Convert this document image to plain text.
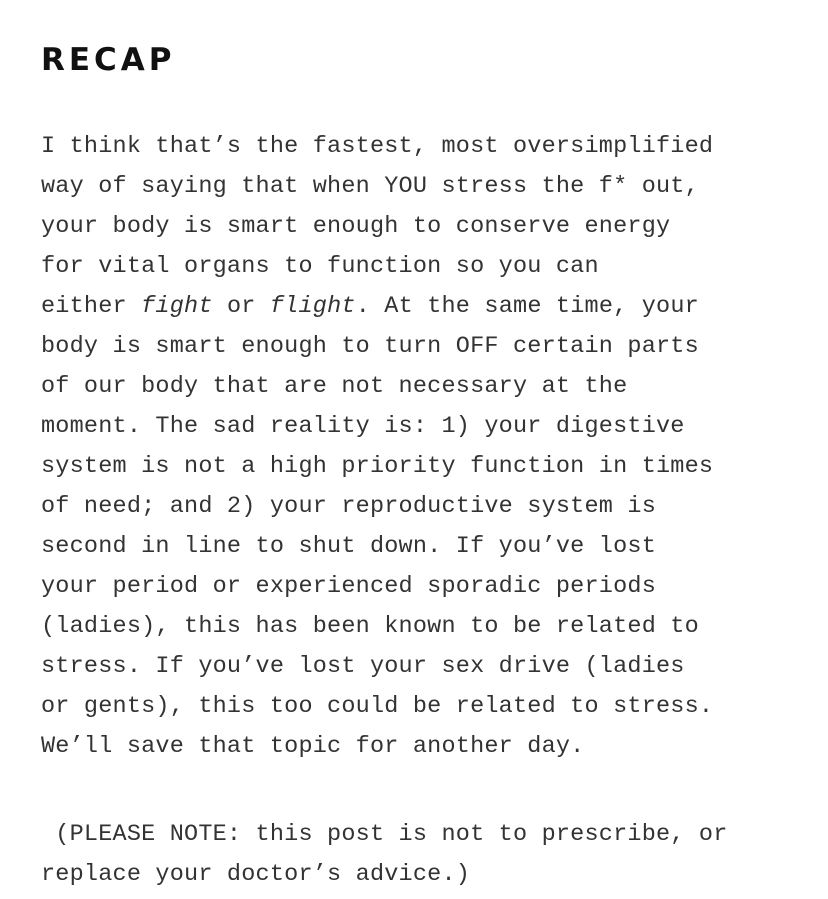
RECAP

I think that’s the fastest, most oversimplified
way of saying that when YOU stress the f* out,
your body is smart enough to conserve energy
for vital organs to function so you can
either fight or flight. At the same time, your
body is smart enough to turn OFF certain parts
of our body that are not necessary at the
moment. The sad reality is: 1) your digestive
system is not a high priority function in times
of need; and 2) your reproductive system is
second in line to shut down. If you’ve lost
your period or experienced sporadic periods
(ladies), this has been known to be related to
stress. If you’ve lost your sex drive (ladies
or gents), this too could be related to stress.
We’ll save that topic for another day.

(PLEASE NOTE: this post is not to prescribe, or
replace your doctor’s advice.)
